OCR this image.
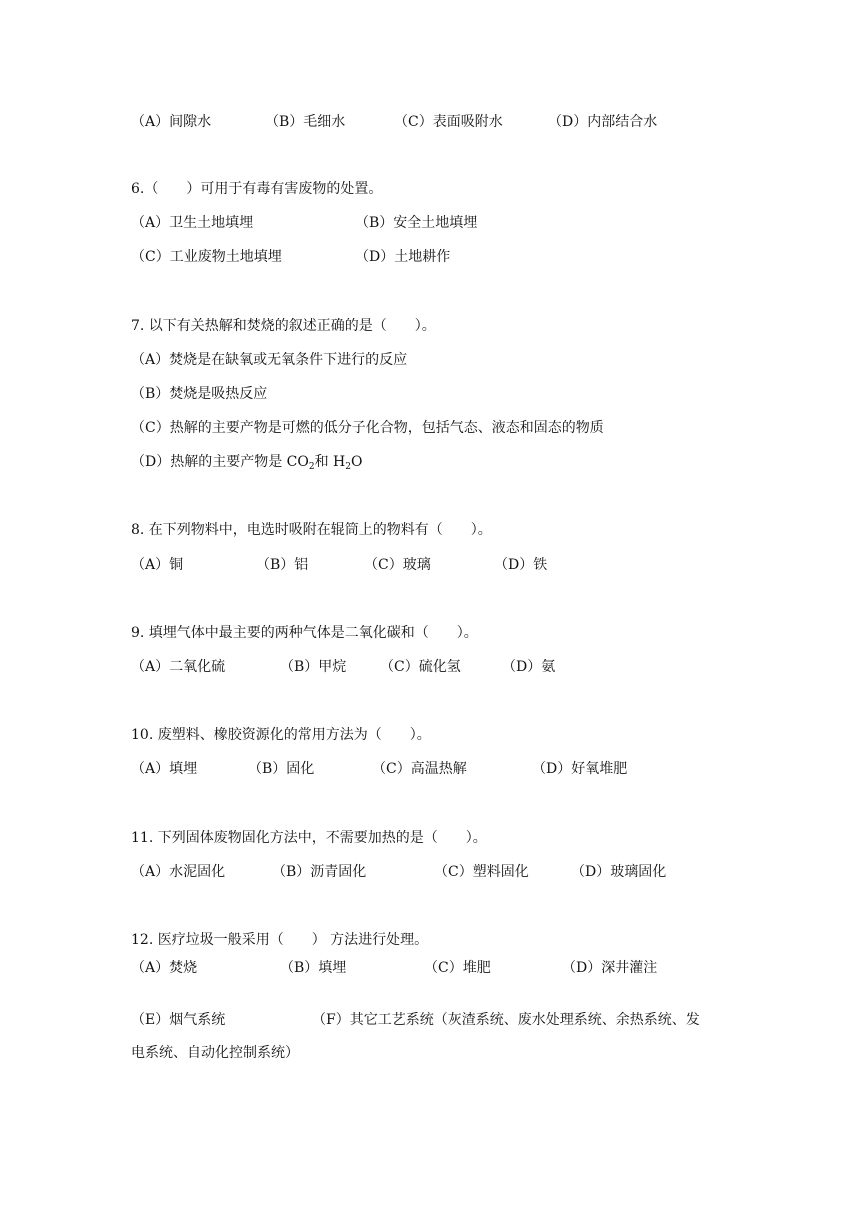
（A）间隙水	（B）毛细水	（C）表面吸附水	（D）内部结合水
6.（　　）可用于有毒有害废物的处置。
（A）卫生土地填埋	（B）安全土地填埋
（C）工业废物土地填埋	（D）土地耕作
7. 以下有关热解和焚烧的叙述正确的是（　　）。
（A）焚烧是在缺氧或无氧条件下进行的反应
（B）焚烧是吸热反应
（C）热解的主要产物是可燃的低分子化合物，包括气态、液态和固态的物质
（D）热解的主要产物是 $CO_2$和 $H_2O$
8. 在下列物料中，电选时吸附在辊筒上的物料有（　　）。
（A）铜	（B）铝	（C）玻璃	（D）铁
9. 填埋气体中最主要的两种气体是二氧化碳和（　　）。
（A）二氧化硫	（B）甲烷 （C）硫化氢	（D）氨
10. 废塑料、橡胶资源化的常用方法为（　　）。
（A）填埋	（B）固化	（C）高温热解	（D）好氧堆肥
11. 下列固体废物固化方法中，不需要加热的是（　　）。
（A）水泥固化	（B）沥青固化	（C）塑料固化	（D）玻璃固化
12. 医疗垃圾一般采用（　　） 方法进行处理。
（A）焚烧	（B）填埋	（C）堆肥	（D）深井灌注
（E）烟气系统	（F）其它工艺系统（灰渣系统、废水处理系统、余热系统、发
电系统、自动化控制系统）
